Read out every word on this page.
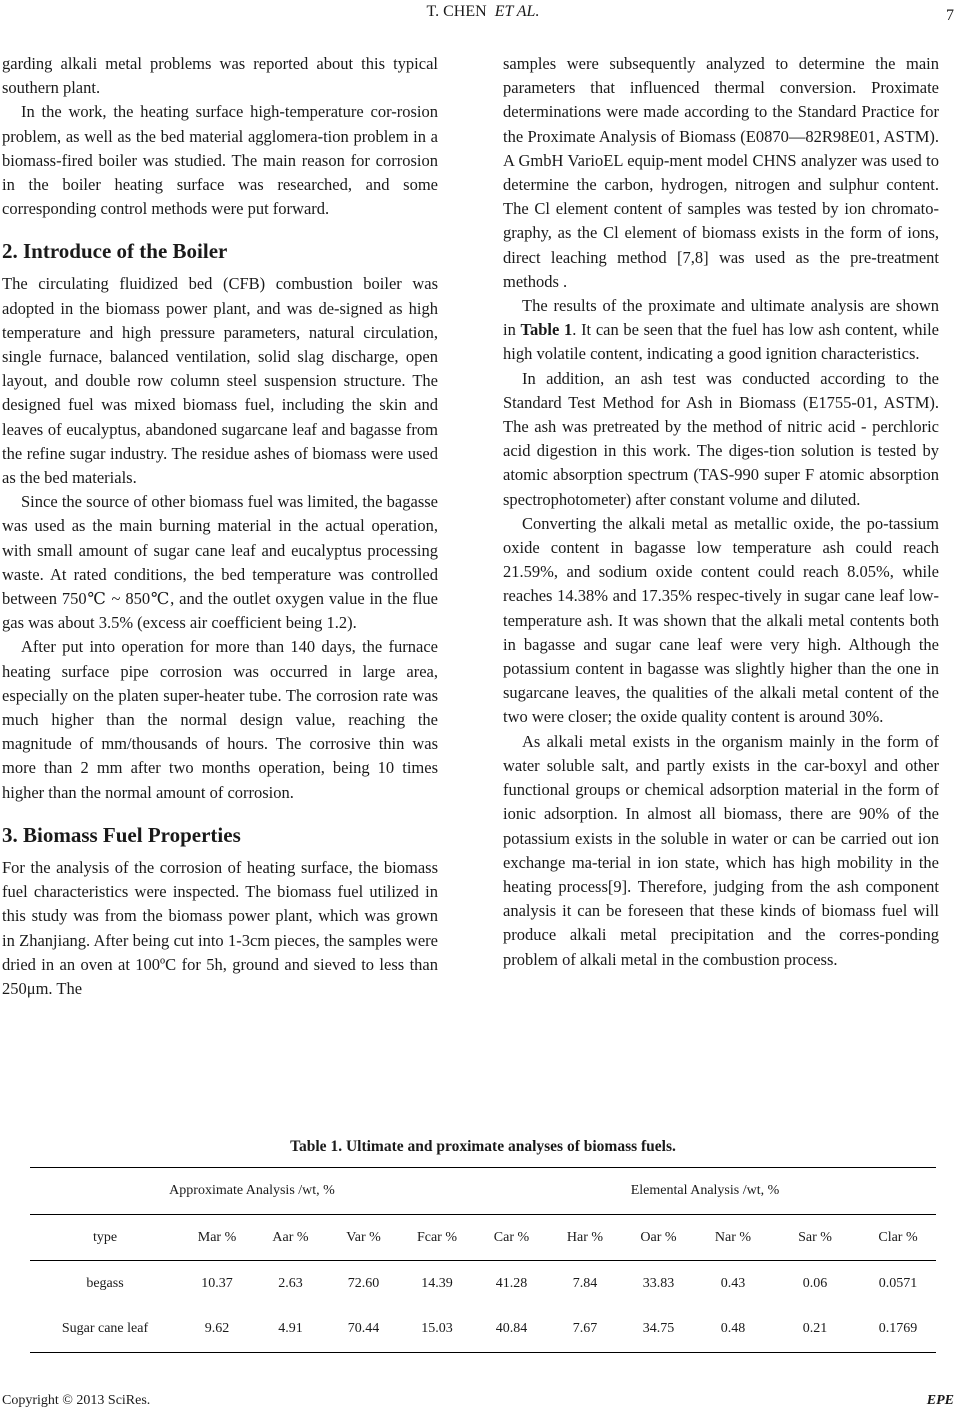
T. CHEN ET AL.	7

garding alkali metal problems was reported about this typical southern plant.

In the work, the heating surface high-temperature cor-rosion problem, as well as the bed material agglomera-tion problem in a biomass-fired boiler was studied. The main reason for corrosion in the boiler heating surface was researched, and some corresponding control methods were put forward.

2. Introduce of the Boiler

The circulating fluidized bed (CFB) combustion boiler was adopted in the biomass power plant, and was de-signed as high temperature and high pressure parameters, natural circulation, single furnace, balanced ventilation, solid slag discharge, open layout, and double row column steel suspension structure. The designed fuel was mixed biomass fuel, including the skin and leaves of eucalyptus, abandoned sugarcane leaf and bagasse from the refine sugar industry. The residue ashes of biomass were used as the bed materials.

Since the source of other biomass fuel was limited, the bagasse was used as the main burning material in the actual operation, with small amount of sugar cane leaf and eucalyptus processing waste. At rated conditions, the bed temperature was controlled between 750℃ ~ 850℃, and the outlet oxygen value in the flue gas was about 3.5% (excess air coefficient being 1.2).

After put into operation for more than 140 days, the furnace heating surface pipe corrosion was occurred in large area, especially on the platen super-heater tube. The corrosion rate was much higher than the normal design value, reaching the magnitude of mm/thousands of hours. The corrosive thin was more than 2 mm after two months operation, being 10 times higher than the normal amount of corrosion.

3. Biomass Fuel Properties

For the analysis of the corrosion of heating surface, the biomass fuel characteristics were inspected. The biomass fuel utilized in this study was from the biomass power plant, which was grown in Zhanjiang. After being cut into 1-3cm pieces, the samples were dried in an oven at 100ºC for 5h, ground and sieved to less than 250μm. The

samples were subsequently analyzed to determine the main parameters that influenced thermal conversion. Proximate determinations were made according to the Standard Practice for the Proximate Analysis of Biomass (E0870—82R98E01, ASTM). A GmbH VarioEL equip-ment model CHNS analyzer was used to determine the carbon, hydrogen, nitrogen and sulphur content. The Cl element content of samples was tested by ion chromato-graphy, as the Cl element of biomass exists in the form of ions, direct leaching method [7,8] was used as the pre-treatment methods .

The results of the proximate and ultimate analysis are shown in Table 1. It can be seen that the fuel has low ash content, while high volatile content, indicating a good ignition characteristics.

In addition, an ash test was conducted according to the Standard Test Method for Ash in Biomass (E1755-01, ASTM). The ash was pretreated by the method of nitric acid - perchloric acid digestion in this work. The diges-tion solution is tested by atomic absorption spectrum (TAS-990 super F atomic absorption spectrophotometer) after constant volume and diluted.

Converting the alkali metal as metallic oxide, the po-tassium oxide content in bagasse low temperature ash could reach 21.59%, and sodium oxide content could reach 8.05%, while reaches 14.38% and 17.35% respec-tively in sugar cane leaf low-temperature ash. It was shown that the alkali metal contents both in bagasse and sugar cane leaf were very high. Although the potassium content in bagasse was slightly higher than the one in sugarcane leaves, the qualities of the alkali metal content of the two were closer; the oxide quality content is around 30%.

As alkali metal exists in the organism mainly in the form of water soluble salt, and partly exists in the car-boxyl and other functional groups or chemical adsorption material in the form of ionic adsorption. In almost all biomass, there are 90% of the potassium exists in the soluble in water or can be carried out ion exchange ma-terial in ion state, which has high mobility in the heating process[9]. Therefore, judging from the ash component analysis it can be foreseen that these kinds of biomass fuel will produce alkali metal precipitation and the corres-ponding problem of alkali metal in the combustion process.

Table 1. Ultimate and proximate analyses of biomass fuels.
Approximate Analysis /wt, %					Elemental Analysis /wt, %					
type	Mar %	Aar %	Var %	Fcar %	Car %	Har %	Oar %	Nar %	Sar %	Clar %
begass	10.37	2.63	72.60	14.39	41.28	7.84	33.83	0.43	0.06	0.0571
Sugar cane leaf	9.62	4.91	70.44	15.03	40.84	7.67	34.75	0.48	0.21	0.1769
Copyright © 2013 SciRes.	EPE
